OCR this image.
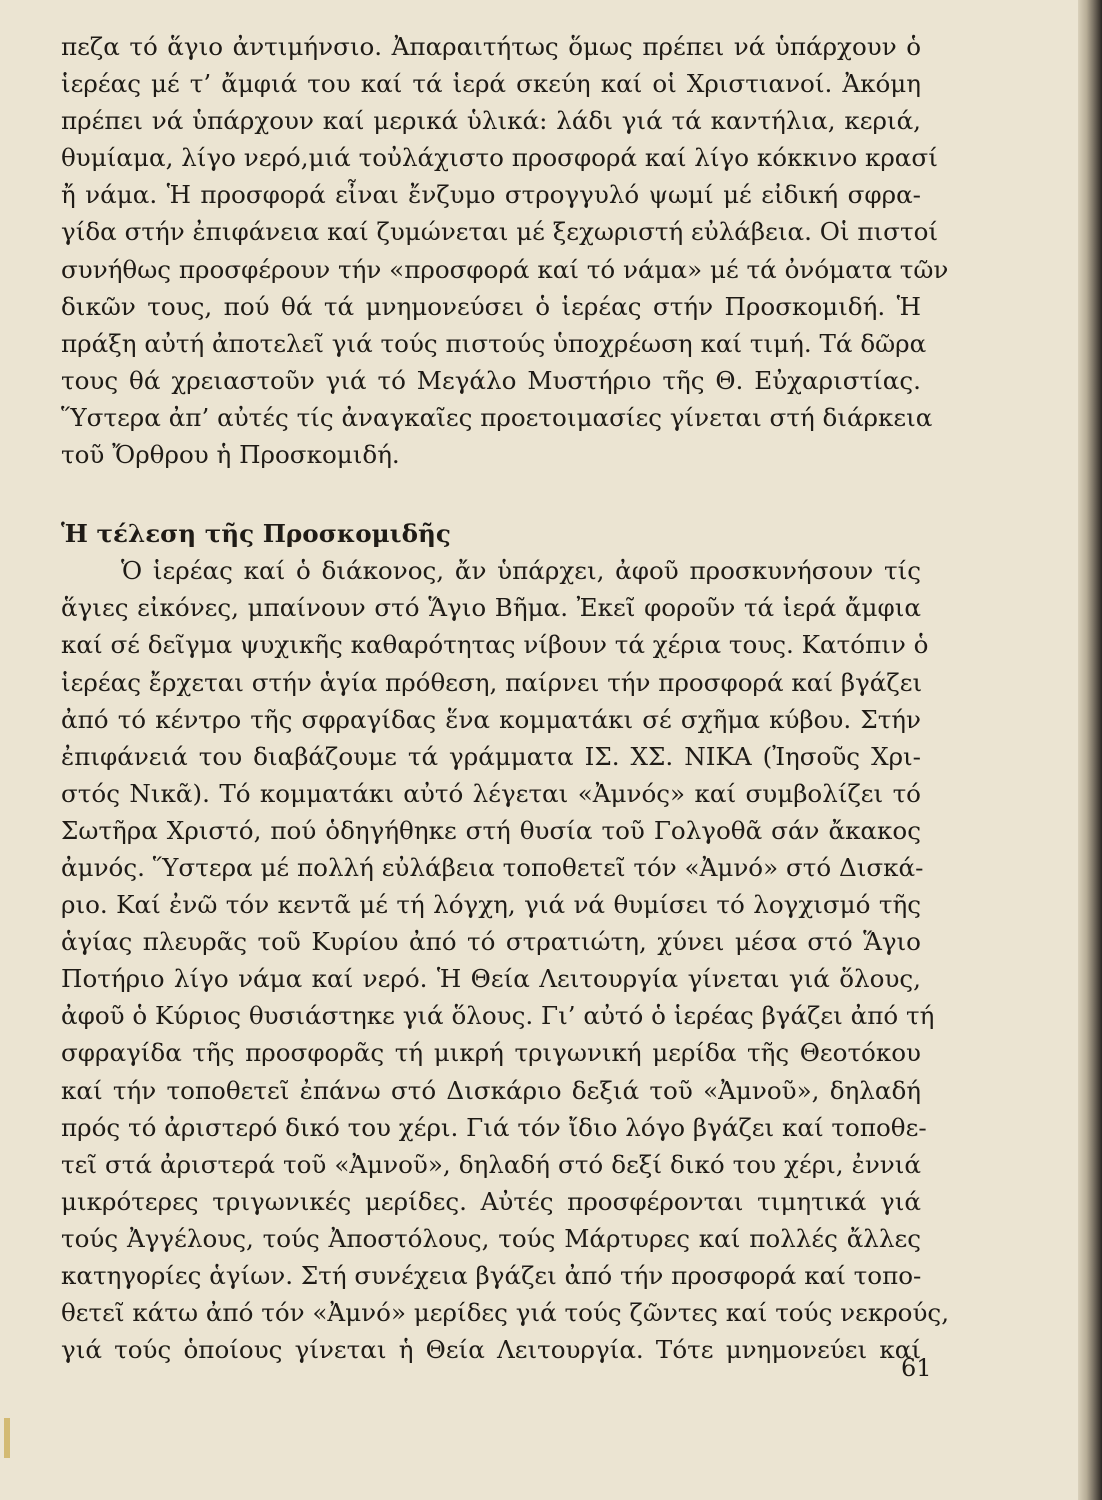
πεζα τό ἅγιο ἀντιμήνσιο. Ἀπαραιτήτως ὅμως πρέπει νά ὑπάρχουν ὁ
ἱερέας μέ τ’ ἄμφιά του καί τά ἱερά σκεύη καί οἱ Χριστιανοί. Ἀκόμη
πρέπει νά ὑπάρχουν καί μερικά ὑλικά: λάδι γιά τά καντήλια, κεριά,
θυμίαμα, λίγο νερό,μιά τοὐλάχιστο προσφορά καί λίγο κόκκινο κρασί
ἤ νάμα. Ἡ προσφορά εἶναι ἔνζυμο στρογγυλό ψωμί μέ εἰδική σφρα-
γίδα στήν ἐπιφάνεια καί ζυμώνεται μέ ξεχωριστή εὐλάβεια. Οἱ πιστοί
συνήθως προσφέρουν τήν «προσφορά καί τό νάμα» μέ τά ὀνόματα τῶν
δικῶν τους, πού θά τά μνημονεύσει ὁ ἱερέας στήν Προσκομιδή. Ἡ
πράξη αὐτή ἀποτελεῖ γιά τούς πιστούς ὑποχρέωση καί τιμή. Τά δῶρα
τους θά χρειαστοῦν γιά τό Μεγάλο Μυστήριο τῆς Θ. Εὐχαριστίας.
Ὕστερα ἀπ’ αὐτές τίς ἀναγκαῖες προετοιμασίες γίνεται στή διάρκεια
τοῦ Ὄρθρου ἡ Προσκομιδή.
Ἡ τέλεση τῆς Προσκομιδῆς
Ὁ ἱερέας καί ὁ διάκονος, ἄν ὑπάρχει, ἀφοῦ προσκυνήσουν τίς
ἅγιες εἰκόνες, μπαίνουν στό Ἅγιο Βῆμα. Ἐκεῖ φοροῦν τά ἱερά ἄμφια
καί σέ δεῖγμα ψυχικῆς καθαρότητας νίβουν τά χέρια τους. Κατόπιν ὁ
ἱερέας ἔρχεται στήν ἁγία πρόθεση, παίρνει τήν προσφορά καί βγάζει
ἀπό τό κέντρο τῆς σφραγίδας ἕνα κομματάκι σέ σχῆμα κύβου. Στήν
ἐπιφάνειά του διαβάζουμε τά γράμματα ΙΣ. ΧΣ. ΝΙΚΑ (Ἰησοῦς Χρι-
στός Νικᾶ). Τό κομματάκι αὐτό λέγεται «Ἀμνός» καί συμβολίζει τό
Σωτῆρα Χριστό, πού ὁδηγήθηκε στή θυσία τοῦ Γολγοθᾶ σάν ἄκακος
ἀμνός. Ὕστερα μέ πολλή εὐλάβεια τοποθετεῖ τόν «Ἀμνό» στό Δισκά-
ριο. Καί ἐνῶ τόν κεντᾶ μέ τή λόγχη, γιά νά θυμίσει τό λογχισμό τῆς
ἁγίας πλευρᾶς τοῦ Κυρίου ἀπό τό στρατιώτη, χύνει μέσα στό Ἅγιο
Ποτήριο λίγο νάμα καί νερό. Ἡ Θεία Λειτουργία γίνεται γιά ὅλους,
ἀφοῦ ὁ Κύριος θυσιάστηκε γιά ὅλους. Γι’ αὐτό ὁ ἱερέας βγάζει ἀπό τή
σφραγίδα τῆς προσφορᾶς τή μικρή τριγωνική μερίδα τῆς Θεοτόκου
καί τήν τοποθετεῖ ἐπάνω στό Δισκάριο δεξιά τοῦ «Ἀμνοῦ», δηλαδή
πρός τό ἀριστερό δικό του χέρι. Γιά τόν ἴδιο λόγο βγάζει καί τοποθε-
τεῖ στά ἀριστερά τοῦ «Ἀμνοῦ», δηλαδή στό δεξί δικό του χέρι, ἐννιά
μικρότερες τριγωνικές μερίδες. Αὐτές προσφέρονται τιμητικά γιά
τούς Ἀγγέλους, τούς Ἀποστόλους, τούς Μάρτυρες καί πολλές ἄλλες
κατηγορίες ἁγίων. Στή συνέχεια βγάζει ἀπό τήν προσφορά καί τοπο-
θετεῖ κάτω ἀπό τόν «Ἀμνό» μερίδες γιά τούς ζῶντες καί τούς νεκρούς,
γιά τούς ὁποίους γίνεται ἡ Θεία Λειτουργία. Τότε μνημονεύει καί
61
